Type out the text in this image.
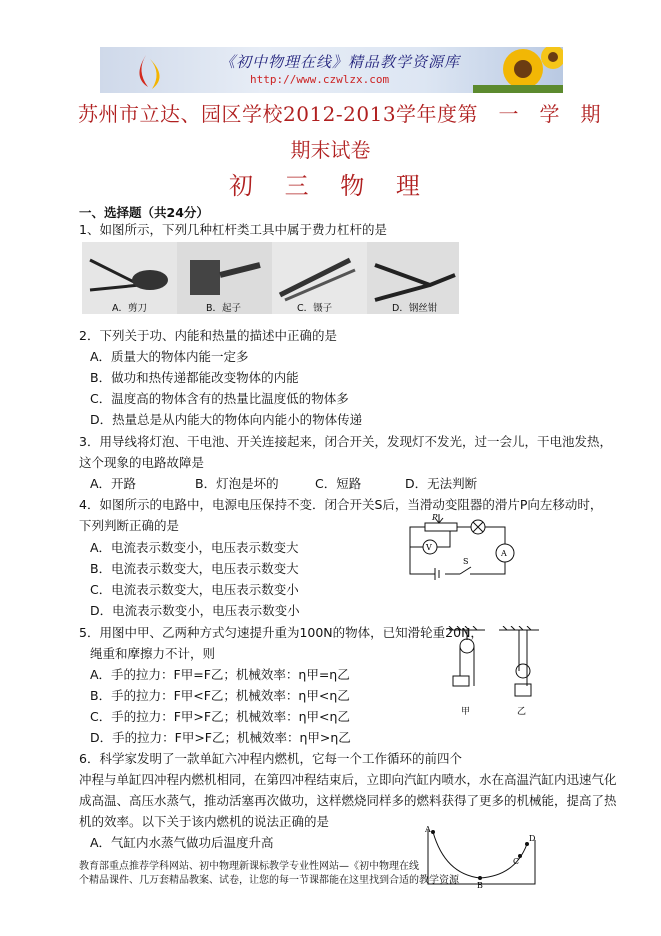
《初中物理在线》精品教学资源库
http://www.czwlzx.com
苏州市立达、园区学校2012-2013学年度第　一　学　期
期末试卷
初 三 物 理
一、选择题（共24分）
1、如图所示，下列几种杠杆类工具中属于费力杠杆的是
A．剪刀	B．起子	C．镊子	D．钢丝钳
2．下列关于功、内能和热量的描述中正确的是
A．质量大的物体内能一定多
B．做功和热传递都能改变物体的内能
C．温度高的物体含有的热量比温度低的物体多
D．热量总是从内能大的物体向内能小的物体传递
3．用导线将灯泡、干电池、开关连接起来，闭合开关，发现灯不发光，过一会儿，干电池发热，
这个现象的电路故障是
A．开路	B．灯泡是坏的	C．短路	D．无法判断
4．如图所示的电路中，电源电压保持不变．闭合开关S后，当滑动变阻器的滑片P向左移动时，
下列判断正确的是
A．电流表示数变小，电压表示数变大
B．电流表示数变大，电压表示数变大
C．电流表示数变大，电压表示数变小
D．电流表示数变小，电压表示数变小
P
V
A
S
5．用图中甲、乙两种方式匀速提升重为100N的物体，已知滑轮重20N，
绳重和摩擦力不计，则
A．手的拉力：F甲=F乙；机械效率：η甲=η乙
B．手的拉力：F甲<F乙；机械效率：η甲<η乙
C．手的拉力：F甲>F乙；机械效率：η甲<η乙
D．手的拉力：F甲>F乙；机械效率：η甲>η乙
甲	乙
6．科学家发明了一款单缸六冲程内燃机，它每一个工作循环的前四个
冲程与单缸四冲程内燃机相同，在第四冲程结束后，立即向汽缸内喷水，水在高温汽缸内迅速气化
成高温、高压水蒸气，推动活塞再次做功，这样燃烧同样多的燃料获得了更多的机械能，提高了热
机的效率。以下关于该内燃机的说法正确的是
A．气缸内水蒸气做功后温度升高
A
B
C
D
教育部重点推荐学科网站、初中物理新课标教学专业性网站—《初中物理在线
个精品课件、几万套精品教案、试卷，让您的每一节课都能在这里找到合适的教学资源
